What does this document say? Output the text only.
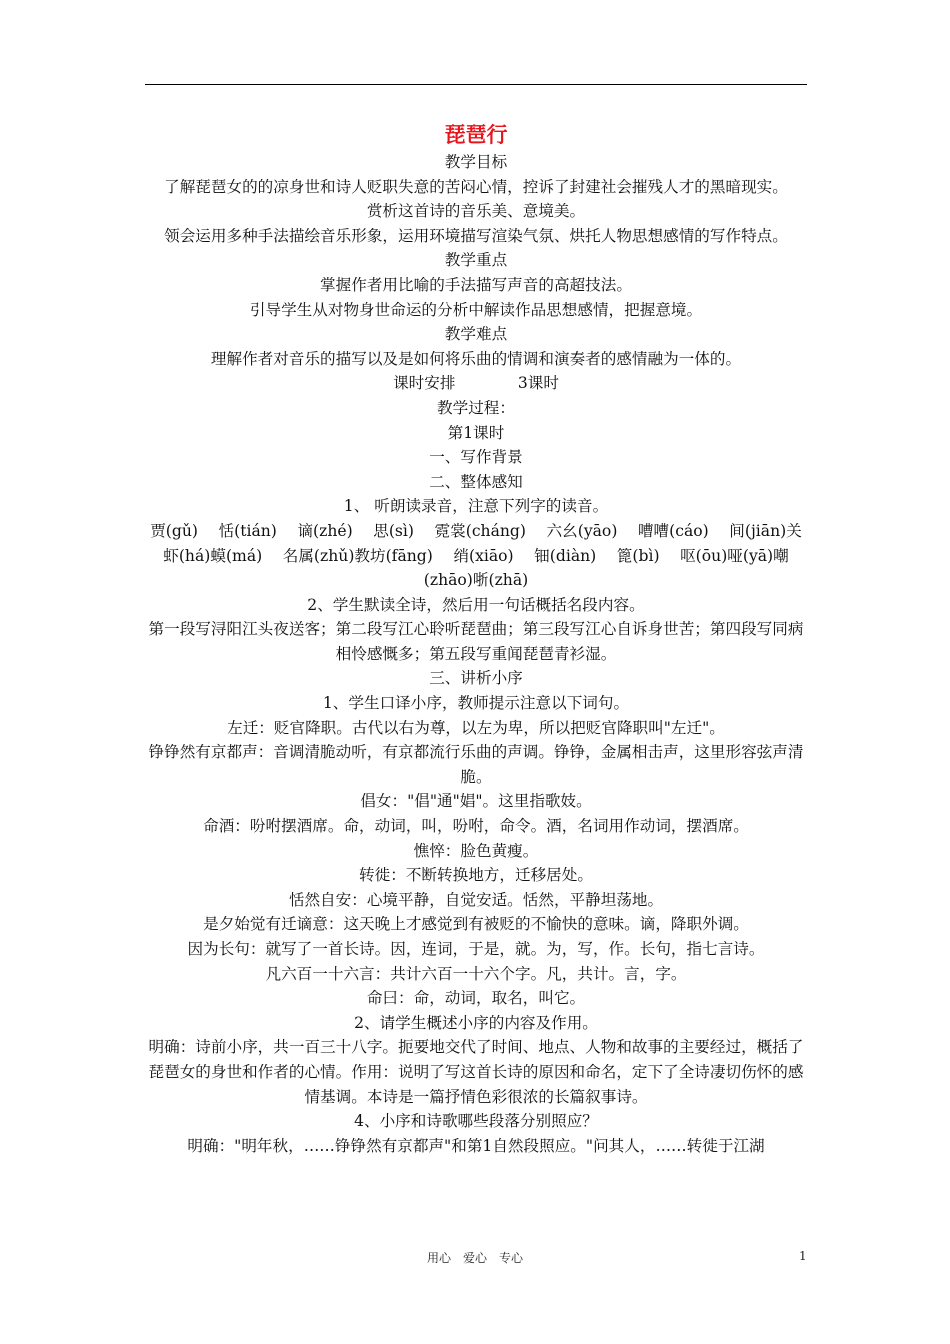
琵琶行
教学目标
了解琵琶女的的凉身世和诗人贬职失意的苦闷心情，控诉了封建社会摧残人才的黑暗现实。
赏析这首诗的音乐美、意境美。
领会运用多种手法描绘音乐形象，运用环境描写渲染气氛、烘托人物思想感情的写作特点。
教学重点
掌握作者用比喻的手法描写声音的高超技法。
引导学生从对物身世命运的分析中解读作品思想感情，把握意境。
教学难点
理解作者对音乐的描写以及是如何将乐曲的情调和演奏者的感情融为一体的。
课时安排　　　　3课时
教学过程：
第1课时
一、写作背景
二、整体感知
1、 听朗读录音，注意下列字的读音。
贾(gǔ)　 恬(tián)　 谪(zhé)　 思(sì)　 霓裳(cháng)　 六幺(yāo)　 嘈嘈(cáo)　 间(jiān)关　 虾(há)蟆(má)　 名属(zhǔ)教坊(fāng)　 绡(xiāo)　 钿(diàn)　 篦(bì)　 呕(ōu)哑(yā)嘲(zhāo)哳(zhā)
2、学生默读全诗，然后用一句话概括名段内容。
第一段写浔阳江头夜送客；第二段写江心聆听琵琶曲；第三段写江心自诉身世苦；第四段写同病相怜感慨多；第五段写重闻琵琶青衫湿。
三、讲析小序
1、学生口译小序，教师提示注意以下词句。
左迁：贬官降职。古代以右为尊，以左为卑，所以把贬官降职叫"左迁"。
铮铮然有京都声：音调清脆动听，有京都流行乐曲的声调。铮铮，金属相击声，这里形容弦声清脆。
倡女："倡"通"娼"。这里指歌妓。
命酒：吩咐摆酒席。命，动词，叫，吩咐，命令。酒，名词用作动词，摆酒席。
憔悴：脸色黄瘦。
转徙：不断转换地方，迁移居处。
恬然自安：心境平静，自觉安适。恬然，平静坦荡地。
是夕始觉有迁谪意：这天晚上才感觉到有被贬的不愉快的意味。谪，降职外调。
因为长句：就写了一首长诗。因，连词，于是，就。为，写，作。长句，指七言诗。
凡六百一十六言：共计六百一十六个字。凡，共计。言，字。
命曰：命，动词，取名，叫它。
2、请学生概述小序的内容及作用。
明确：诗前小序，共一百三十八字。扼要地交代了时间、地点、人物和故事的主要经过，概括了琵琶女的身世和作者的心情。作用：说明了写这首长诗的原因和命名，定下了全诗凄切伤怀的感情基调。本诗是一篇抒情色彩很浓的长篇叙事诗。
4、小序和诗歌哪些段落分别照应？
明确："明年秋，……铮铮然有京都声"和第1自然段照应。"问其人，……转徙于江湖
用心　爱心　专心	1
